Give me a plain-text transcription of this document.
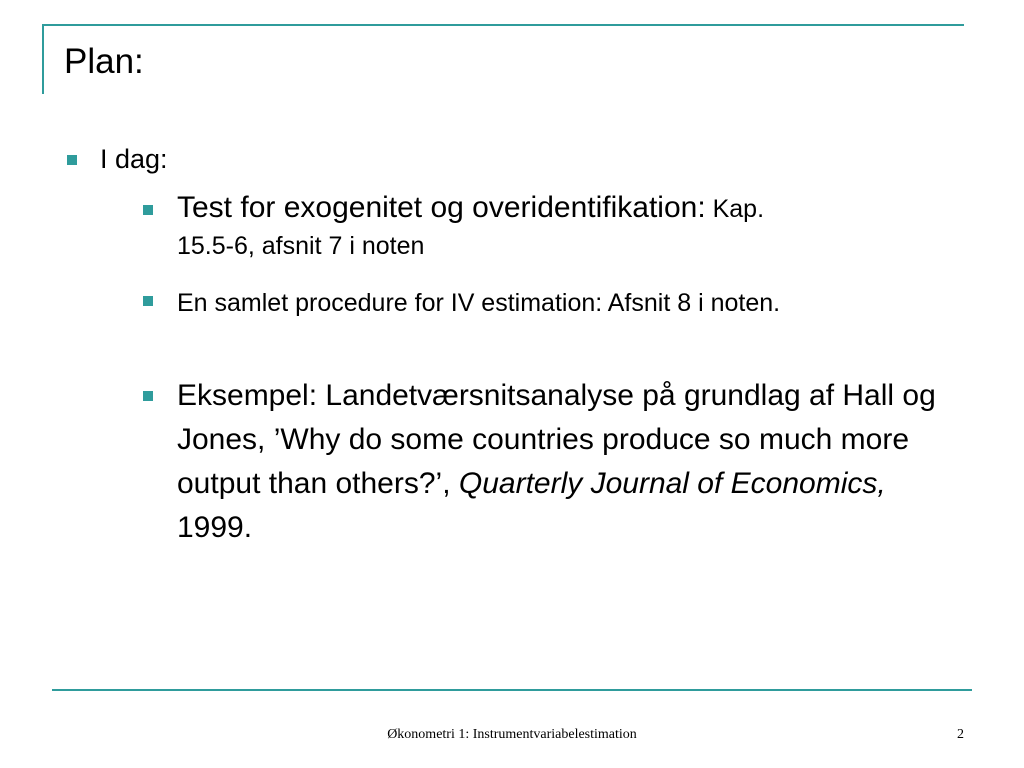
Plan:

I dag:

Test for exogenitet og overidentifikation: Kap.
15.5-6, afsnit 7 i noten

En samlet procedure for IV estimation: Afsnit 8 i noten.

Eksempel: Landetværsnitsanalyse på grundlag af Hall og Jones, ’Why do some countries produce so much more output than others?’, Quarterly Journal of Economics, 1999.

Økonometri 1: Instrumentvariabelestimation	2
